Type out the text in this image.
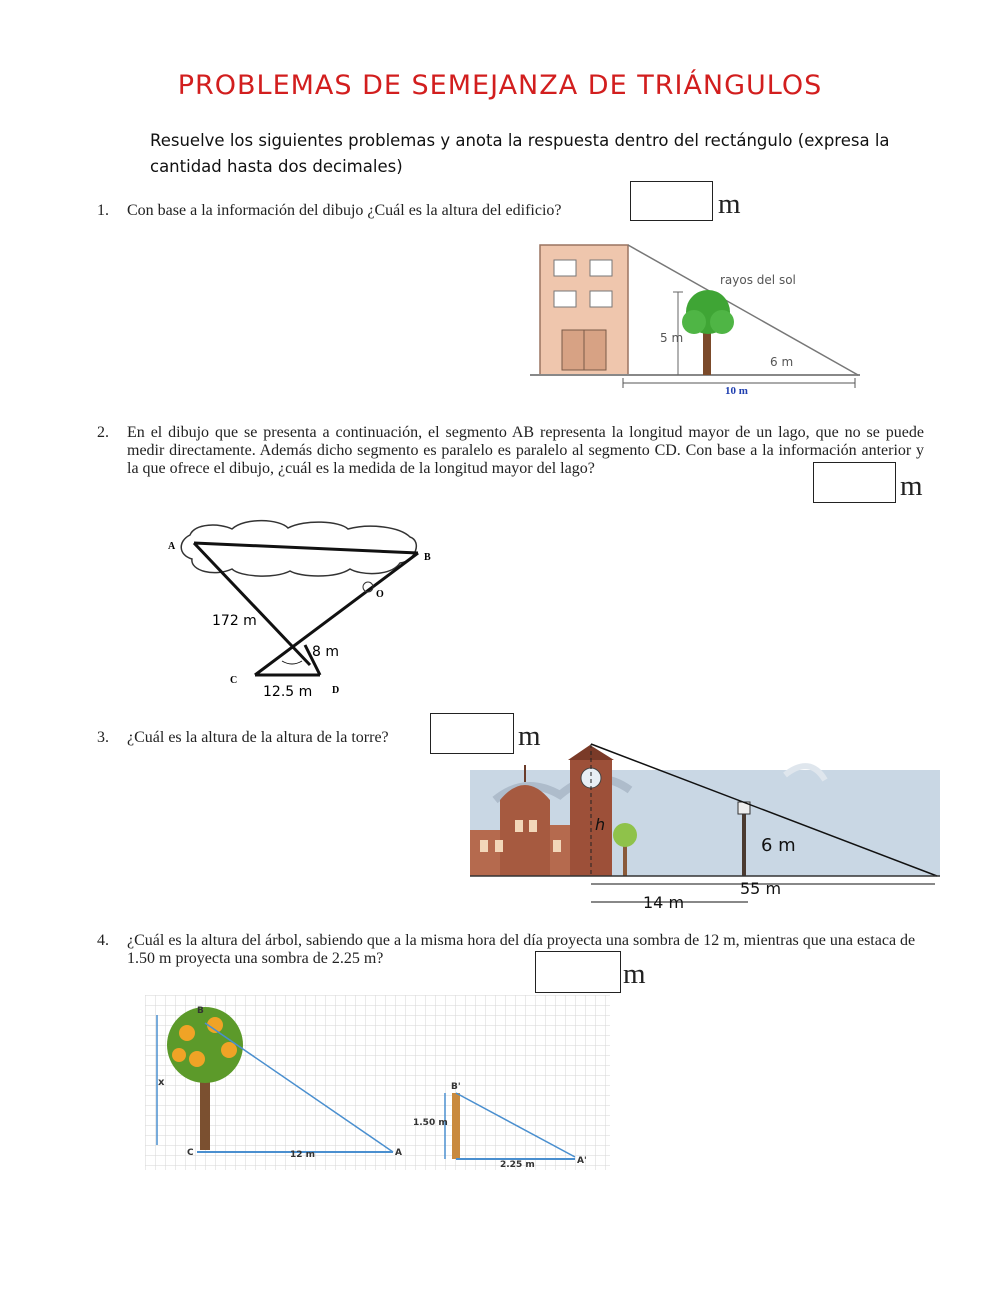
PROBLEMAS DE SEMEJANZA DE TRIÁNGULOS
Resuelve los siguientes problemas y anota la respuesta dentro del rectángulo (expresa la cantidad hasta dos decimales)
1. Con base a la información del dibujo ¿Cuál es la altura del edificio?	m
5 m
rayos del sol
6 m
10 m
2. En el dibujo que se presenta a continuación, el segmento AB representa la longitud mayor de un lago, que no se puede medir directamente. Además dicho segmento es paralelo es paralelo al segmento CD. Con base a la información anterior y la que ofrece el dibujo, ¿cuál es la medida de la longitud mayor del lago?
m
A
B
O
C
D
172 m
8 m
12.5 m
3. ¿Cuál es la altura de la altura de la torre?	m
h
6 m
55 m
14 m
4. ¿Cuál es la altura del árbol, sabiendo que a la misma hora del día proyecta una sombra de 12 m, mientras que una estaca de 1.50 m proyecta una sombra de 2.25 m?	m
x
B
C	12 m	A
1.50 m
B'
2.25 m	A'
